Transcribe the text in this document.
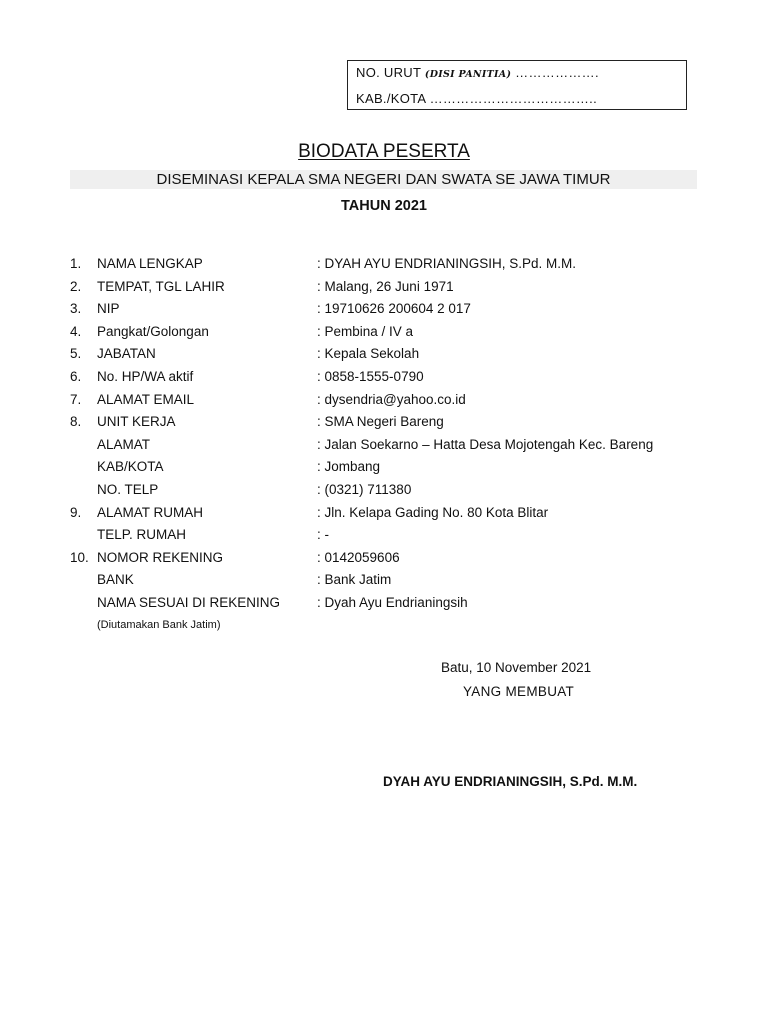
NO. URUT (DISI PANITIA) ……………….
KAB./KOTA ………………………………..
BIODATA PESERTA
DISEMINASI KEPALA SMA NEGERI DAN SWATA SE JAWA TIMUR
TAHUN 2021
1. NAMA LENGKAP	: DYAH AYU ENDRIANINGSIH, S.Pd. M.M.
2. TEMPAT, TGL LAHIR	: Malang, 26 Juni 1971
3. NIP	: 19710626 200604 2 017
4. Pangkat/Golongan	: Pembina / IV a
5. JABATAN	: Kepala Sekolah
6. No. HP/WA aktif	: 0858-1555-0790
7. ALAMAT EMAIL	: dysendria@yahoo.co.id
8. UNIT KERJA	: SMA Negeri Bareng
ALAMAT	: Jalan Soekarno – Hatta Desa Mojotengah Kec. Bareng
KAB/KOTA	: Jombang
NO. TELP	: (0321) 711380
9. ALAMAT RUMAH	: Jln. Kelapa Gading No. 80 Kota Blitar
TELP. RUMAH	: -
10. NOMOR REKENING	: 0142059606
BANK	: Bank Jatim
NAMA SESUAI DI REKENING	: Dyah Ayu Endrianingsih
(Diutamakan Bank Jatim)
Batu, 10 November 2021
YANG MEMBUAT
DYAH AYU ENDRIANINGSIH, S.Pd. M.M.
